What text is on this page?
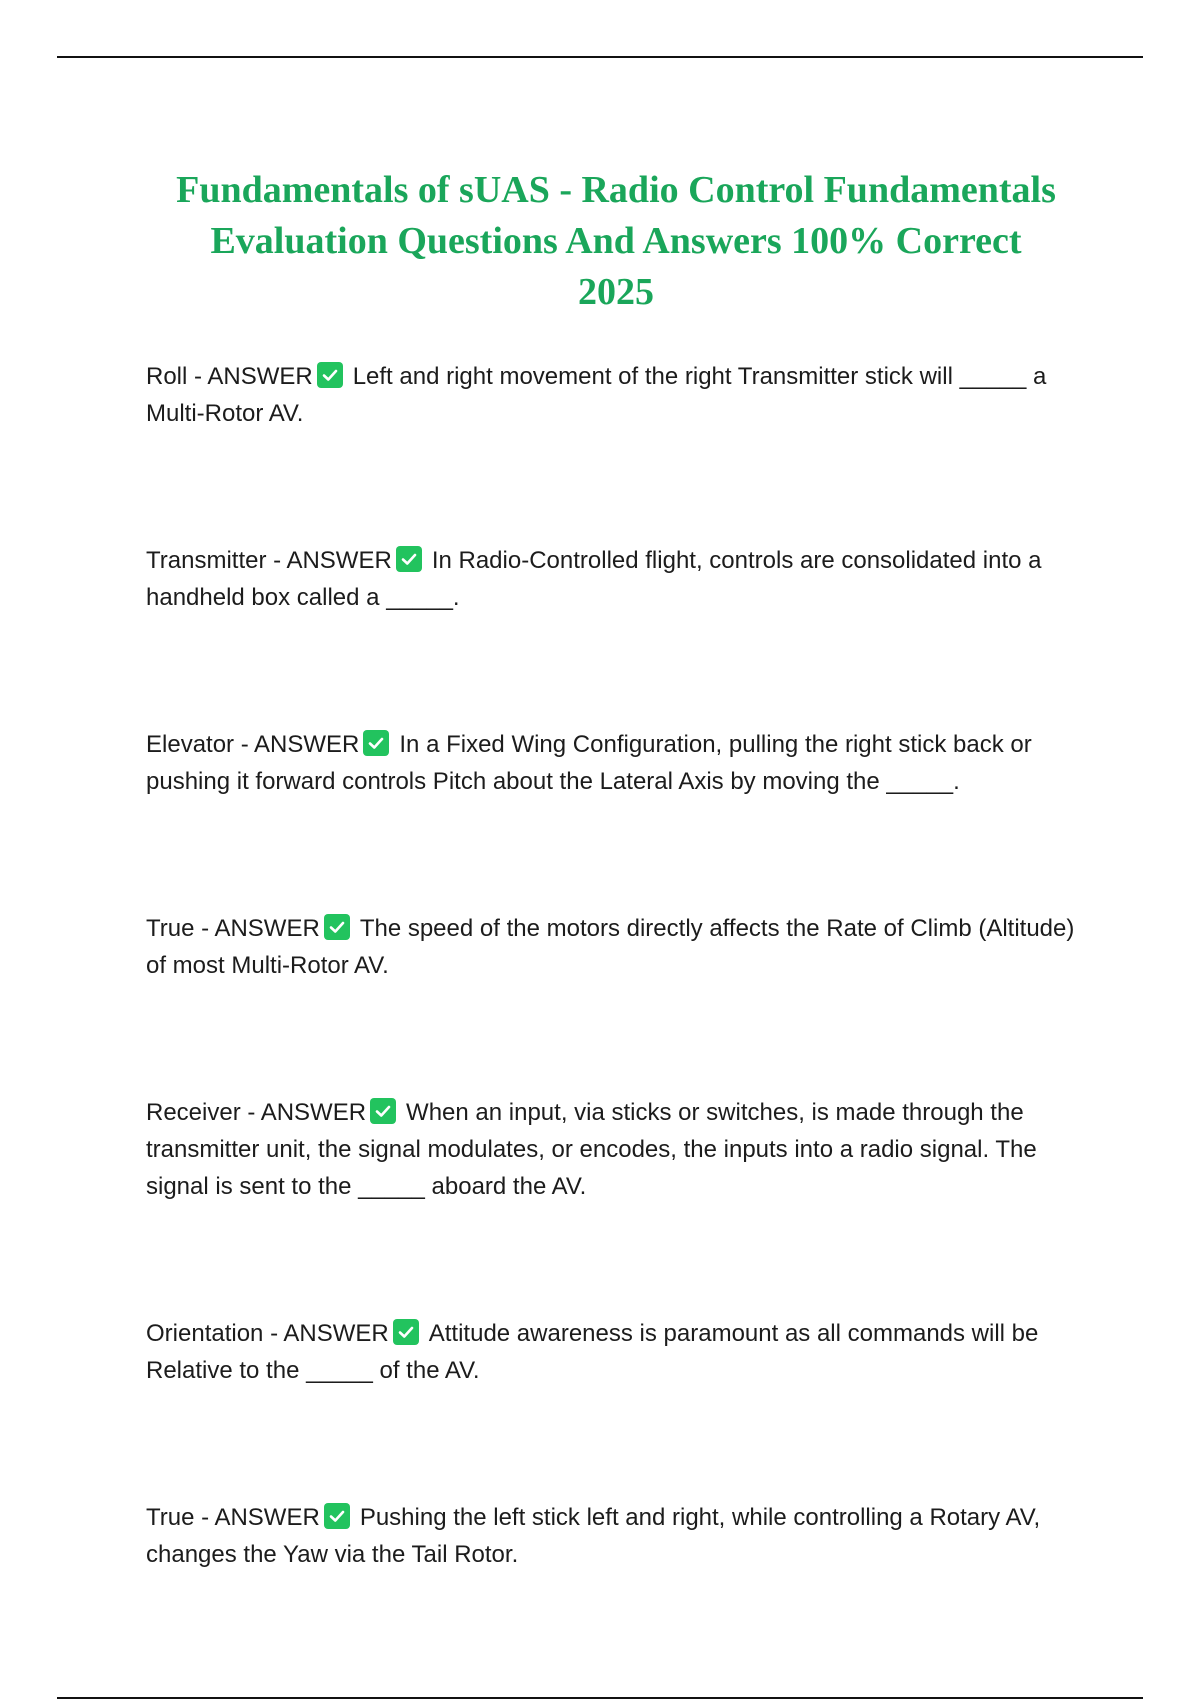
Fundamentals of sUAS - Radio Control Fundamentals
Evaluation Questions And Answers 100% Correct
2025

Roll - ANSWER Left and right movement of the right Transmitter stick will _____ a Multi-Rotor AV.

Transmitter - ANSWER In Radio-Controlled flight, controls are consolidated into a handheld box called a _____.

Elevator - ANSWER In a Fixed Wing Configuration, pulling the right stick back or pushing it forward controls Pitch about the Lateral Axis by moving the _____.

True - ANSWER The speed of the motors directly affects the Rate of Climb (Altitude) of most Multi-Rotor AV.

Receiver - ANSWER When an input, via sticks or switches, is made through the transmitter unit, the signal modulates, or encodes, the inputs into a radio signal. The signal is sent to the _____ aboard the AV.

Orientation - ANSWER Attitude awareness is paramount as all commands will be Relative to the _____ of the AV.

True - ANSWER Pushing the left stick left and right, while controlling a Rotary AV, changes the Yaw via the Tail Rotor.
